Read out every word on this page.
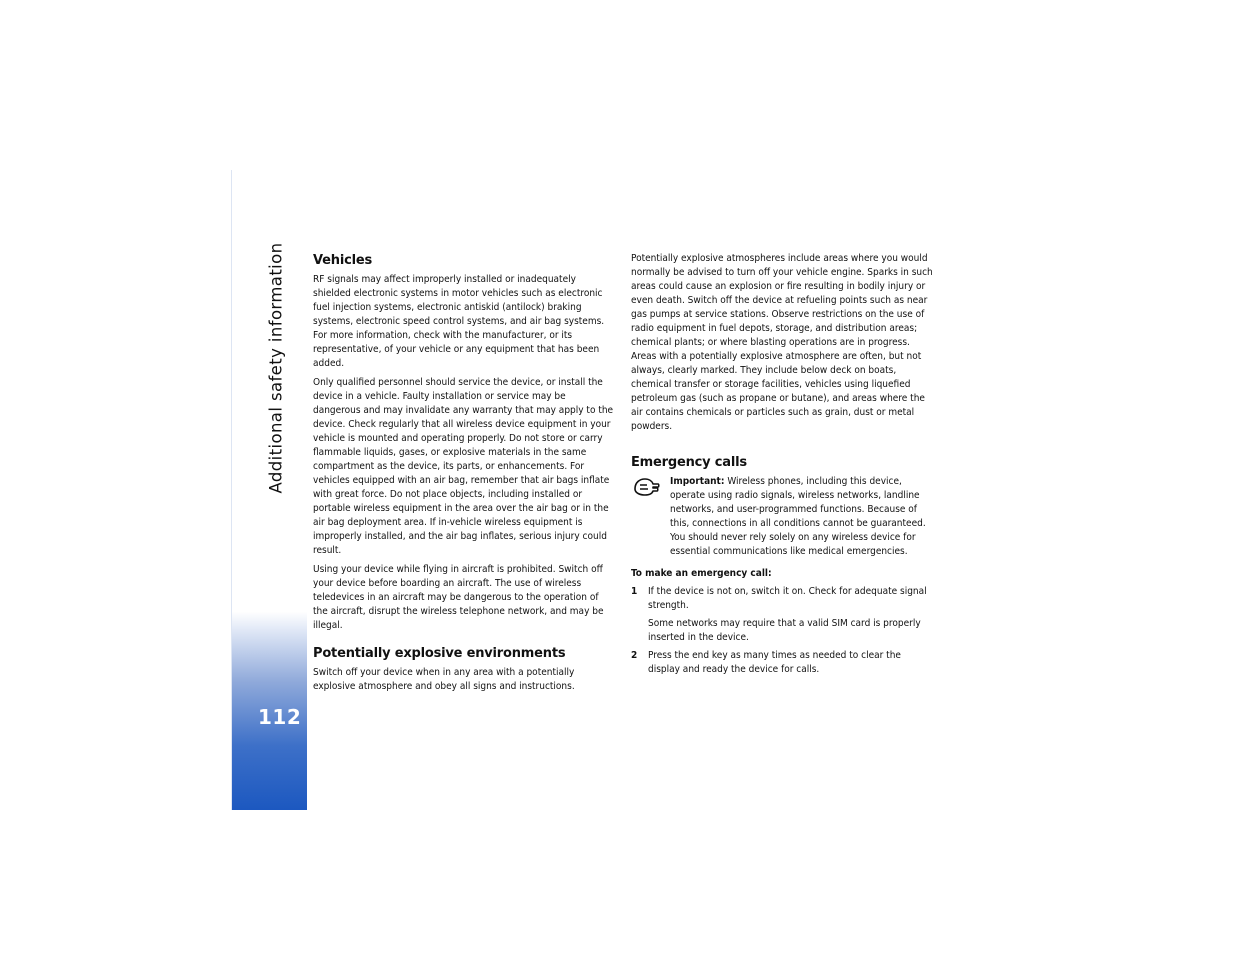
Additional safety information
112
Vehicles

RF signals may affect improperly installed or inadequately shielded electronic systems in motor vehicles such as electronic fuel injection systems, electronic antiskid (antilock) braking systems, electronic speed control systems, and air bag systems. For more information, check with the manufacturer, or its representative, of your vehicle or any equipment that has been added.

Only qualified personnel should service the device, or install the device in a vehicle. Faulty installation or service may be dangerous and may invalidate any warranty that may apply to the device. Check regularly that all wireless device equipment in your vehicle is mounted and operating properly. Do not store or carry flammable liquids, gases, or explosive materials in the same compartment as the device, its parts, or enhancements. For vehicles equipped with an air bag, remember that air bags inflate with great force. Do not place objects, including installed or portable wireless equipment in the area over the air bag or in the air bag deployment area. If in-vehicle wireless equipment is improperly installed, and the air bag inflates, serious injury could result.

Using your device while flying in aircraft is prohibited. Switch off your device before boarding an aircraft. The use of wireless teledevices in an aircraft may be dangerous to the operation of the aircraft, disrupt the wireless telephone network, and may be illegal.

Potentially explosive environments

Switch off your device when in any area with a potentially explosive atmosphere and obey all signs and instructions.

Potentially explosive atmospheres include areas where you would normally be advised to turn off your vehicle engine. Sparks in such areas could cause an explosion or fire resulting in bodily injury or even death. Switch off the device at refueling points such as near gas pumps at service stations. Observe restrictions on the use of radio equipment in fuel depots, storage, and distribution areas; chemical plants; or where blasting operations are in progress. Areas with a potentially explosive atmosphere are often, but not always, clearly marked. They include below deck on boats, chemical transfer or storage facilities, vehicles using liquefied petroleum gas (such as propane or butane), and areas where the air contains chemicals or particles such as grain, dust or metal powders.

Emergency calls
Important: Wireless phones, including this device, operate using radio signals, wireless networks, landline networks, and user-programmed functions. Because of this, connections in all conditions cannot be guaranteed. You should never rely solely on any wireless device for essential communications like medical emergencies.

To make an emergency call:

1 If the device is not on, switch it on. Check for adequate signal strength.

Some networks may require that a valid SIM card is properly inserted in the device.

2 Press the end key as many times as needed to clear the display and ready the device for calls.
